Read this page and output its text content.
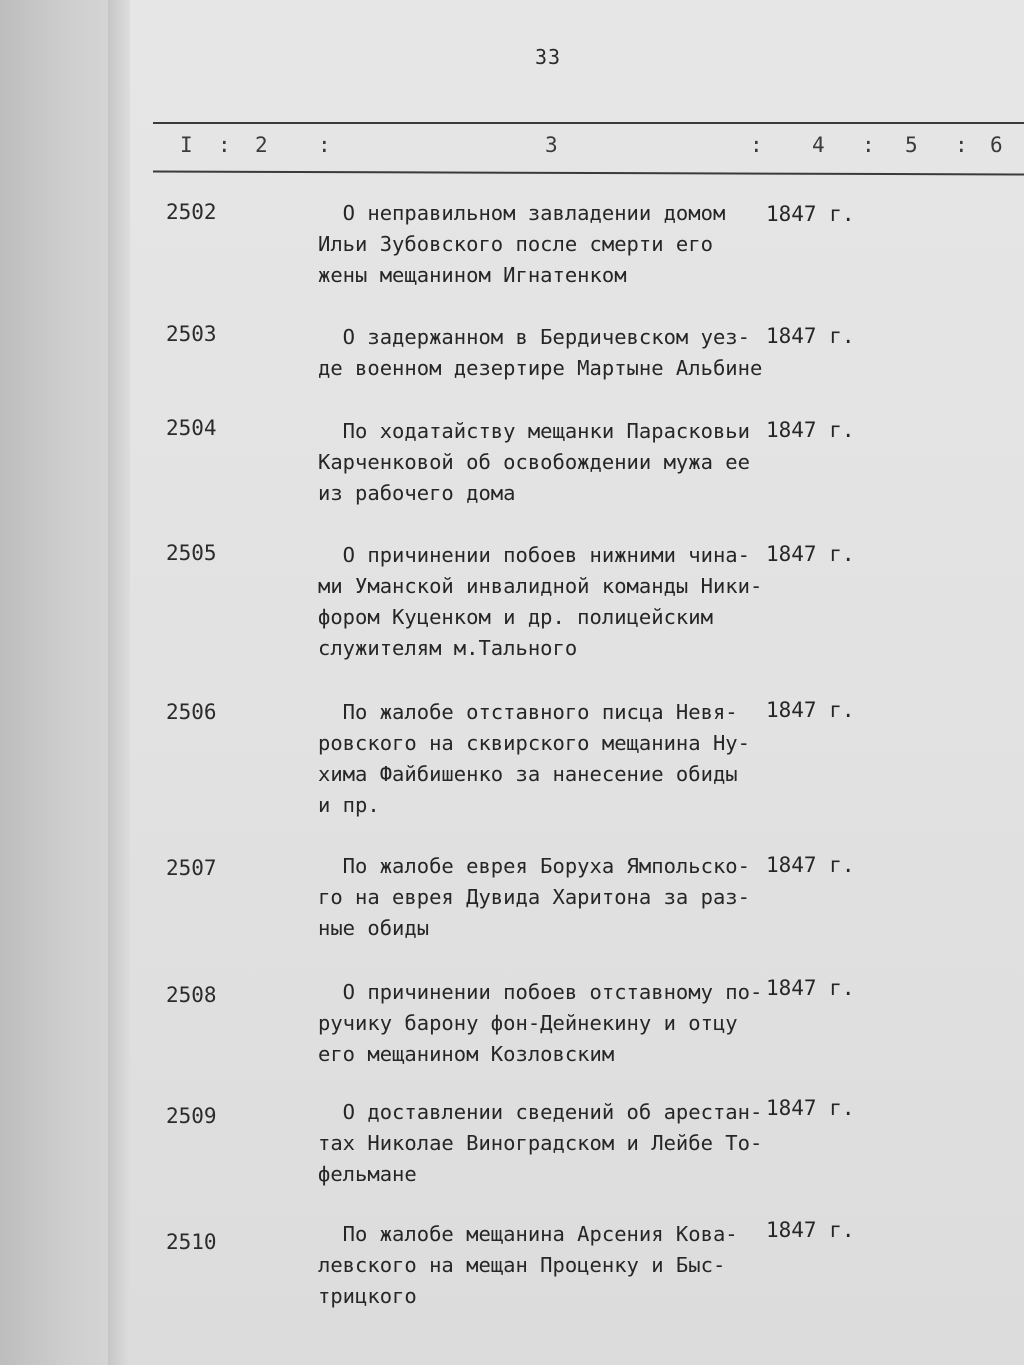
33
I : 2 :	3	: 4 : 5 : 6
2502	О неправильном завладении домом
Ильи Зубовского после смерти его
жены мещанином Игнатенком
1847 г.
2503	О задержанном в Бердичевском уез-
де военном дезертире Мартыне Альбине
1847 г.
2504	По ходатайству мещанки Парасковьи
Карченковой об освобождении мужа ее
из рабочего дома
1847 г.
2505	О причинении побоев нижними чина-
ми Уманской инвалидной команды Ники-
фором Куценком и др. полицейским
служителям м.Тального
1847 г.
2506	По жалобе отставного писца Невя-
ровского на сквирского мещанина Ну-
хима Файбишенко за нанесение обиды
и пр.
1847 г.
2507	По жалобе еврея Боруха Ямпольско-
го на еврея Дувида Харитона за раз-
ные обиды
1847 г.
2508	О причинении побоев отставному по-
ручику барону фон-Дейнекину и отцу
его мещанином Козловским
1847 г.
2509	О доставлении сведений об арестан-
тах Николае Виноградском и Лейбе То-
фельмане
1847 г.
2510	По жалобе мещанина Арсения Кова-
левского на мещан Проценку и Быс-
трицкого
1847 г.
